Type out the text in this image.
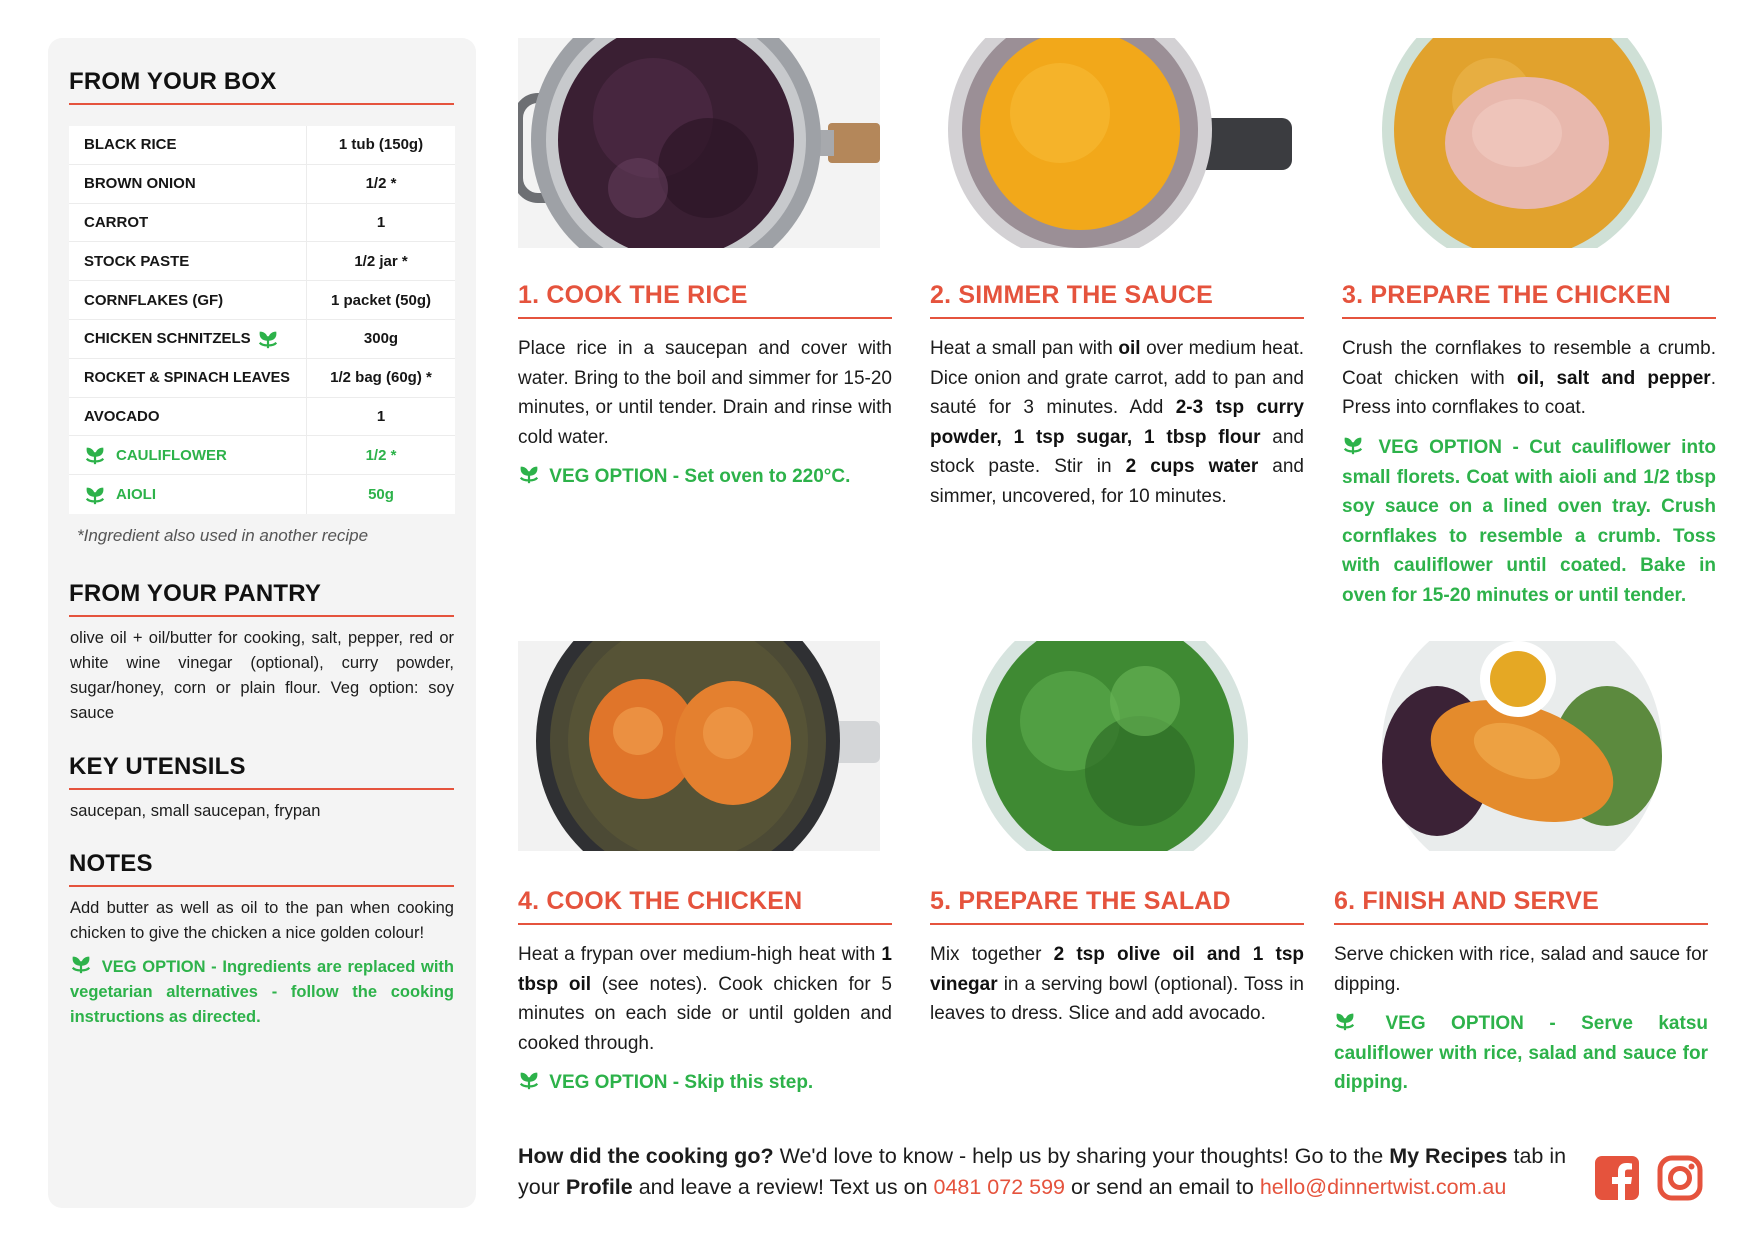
FROM YOUR BOX
BLACK RICE	1 tub (150g)
BROWN ONION	1/2 *
CARROT	1
STOCK PASTE	1/2 jar *
CORNFLAKES (GF)	1 packet (50g)
CHICKEN SCHNITZELS	300g
ROCKET & SPINACH LEAVES	1/2 bag (60g) *
AVOCADO	1
CAULIFLOWER	1/2 *
AIOLI	50g
*Ingredient also used in another recipe
FROM YOUR PANTRY
olive oil + oil/butter for cooking, salt, pepper, red or white wine vinegar (optional), curry powder, sugar/honey, corn or plain flour. Veg option: soy sauce
KEY UTENSILS
saucepan, small saucepan, frypan
NOTES
Add butter as well as oil to the pan when cooking chicken to give the chicken a nice golden colour!
VEG OPTION - Ingredients are replaced with vegetarian alternatives - follow the cooking instructions as directed.
1. COOK THE RICE
Place rice in a saucepan and cover with water. Bring to the boil and simmer for 15-20 minutes, or until tender. Drain and rinse with cold water.
VEG OPTION - Set oven to 220°C.
2. SIMMER THE SAUCE
Heat a small pan with oil over medium heat. Dice onion and grate carrot, add to pan and sauté for 3 minutes. Add 2-3 tsp curry powder, 1 tsp sugar, 1 tbsp flour and stock paste. Stir in 2 cups water and simmer, uncovered, for 10 minutes.
3. PREPARE THE CHICKEN
Crush the cornflakes to resemble a crumb. Coat chicken with oil, salt and pepper. Press into cornflakes to coat.
VEG OPTION - Cut cauliflower into small florets. Coat with aioli and 1/2 tbsp soy sauce on a lined oven tray. Crush cornflakes to resemble a crumb. Toss with cauliflower until coated. Bake in oven for 15-20 minutes or until tender.
4. COOK THE CHICKEN
Heat a frypan over medium-high heat with 1 tbsp oil (see notes). Cook chicken for 5 minutes on each side or until golden and cooked through.
VEG OPTION - Skip this step.
5. PREPARE THE SALAD
Mix together 2 tsp olive oil and 1 tsp vinegar in a serving bowl (optional). Toss in leaves to dress. Slice and add avocado.
6. FINISH AND SERVE
Serve chicken with rice, salad and sauce for dipping.
VEG OPTION - Serve katsu cauliflower with rice, salad and sauce for dipping.
How did the cooking go? We'd love to know - help us by sharing your thoughts! Go to the My Recipes tab in your Profile and leave a review! Text us on 0481 072 599 or send an email to hello@dinnertwist.com.au
